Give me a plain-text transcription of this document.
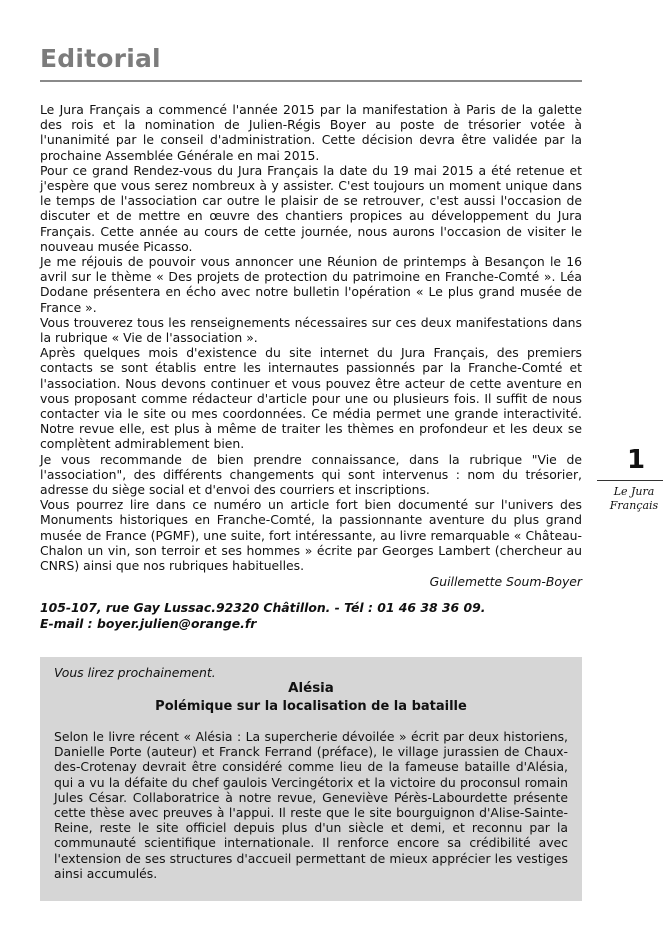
Editorial

Le Jura Français a commencé l'année 2015 par la manifestation à Paris de la galette des rois et la nomination de Julien-Régis Boyer au poste de trésorier votée à l'unanimité par le conseil d'administration. Cette décision devra être validée par la prochaine Assemblée Générale en mai 2015.

Pour ce grand Rendez-vous du Jura Français la date du 19 mai 2015 a été retenue et j'espère que vous serez nombreux à y assister. C'est toujours un moment unique dans le temps de l'association car outre le plaisir de se retrouver, c'est aussi l'occasion de discuter et de mettre en œuvre des chantiers propices au développement du Jura Français. Cette année au cours de cette journée, nous aurons l'occasion de visiter le nouveau musée Picasso.

Je me réjouis de pouvoir vous annoncer une Réunion de printemps à Besançon le 16 avril sur le thème « Des projets de protection du patrimoine en Franche-Comté ». Léa Dodane présentera en écho avec notre bulletin l'opération « Le plus grand musée de France ».

Vous trouverez tous les renseignements nécessaires sur ces deux manifestations dans la rubrique « Vie de l'association ».

Après quelques mois d'existence du site internet du Jura Français, des premiers contacts se sont établis entre les internautes passionnés par la Franche-Comté et l'association. Nous devons continuer et vous pouvez être acteur de cette aventure en vous proposant comme rédacteur d'article pour une ou plusieurs fois. Il suffit de nous contacter via le site ou mes coordonnées. Ce média permet une grande interactivité. Notre revue elle, est plus à même de traiter les thèmes en profondeur et les deux se complètent admirablement bien.

Je vous recommande de bien prendre connaissance, dans la rubrique "Vie de l'association", des différents changements qui sont intervenus : nom du trésorier, adresse du siège social et d'envoi des courriers et inscriptions.

Vous pourrez lire dans ce numéro un article fort bien documenté sur l'univers des Monuments historiques en Franche-Comté, la passionnante aventure du plus grand musée de France (PGMF), une suite, fort intéressante, au livre remarquable « Château-Chalon un vin, son terroir et ses hommes » écrite par Georges Lambert (chercheur au CNRS) ainsi que nos rubriques habituelles.

Guillemette Soum-Boyer

105-107, rue Gay Lussac.92320 Châtillon. - Tél : 01 46 38 36 09.

E-mail : boyer.julien@orange.fr

1
Le Jura
Français

Vous lirez prochainement.

Alésia

Polémique sur la localisation de la bataille

Selon le livre récent « Alésia : La supercherie dévoilée » écrit par deux historiens, Danielle Porte (auteur) et Franck Ferrand (préface), le village jurassien de Chaux-des-Crotenay devrait être considéré comme lieu de la fameuse bataille d'Alésia, qui a vu la défaite du chef gaulois Vercingétorix et la victoire du proconsul romain Jules César. Collaboratrice à notre revue, Geneviève Pérès-Labourdette présente cette thèse avec preuves à l'appui. Il reste que le site bourguignon d'Alise-Sainte-Reine, reste le site officiel depuis plus d'un siècle et demi, et reconnu par la communauté scientifique internationale. Il renforce encore sa crédibilité avec l'extension de ses structures d'accueil permettant de mieux apprécier les vestiges ainsi accumulés.
